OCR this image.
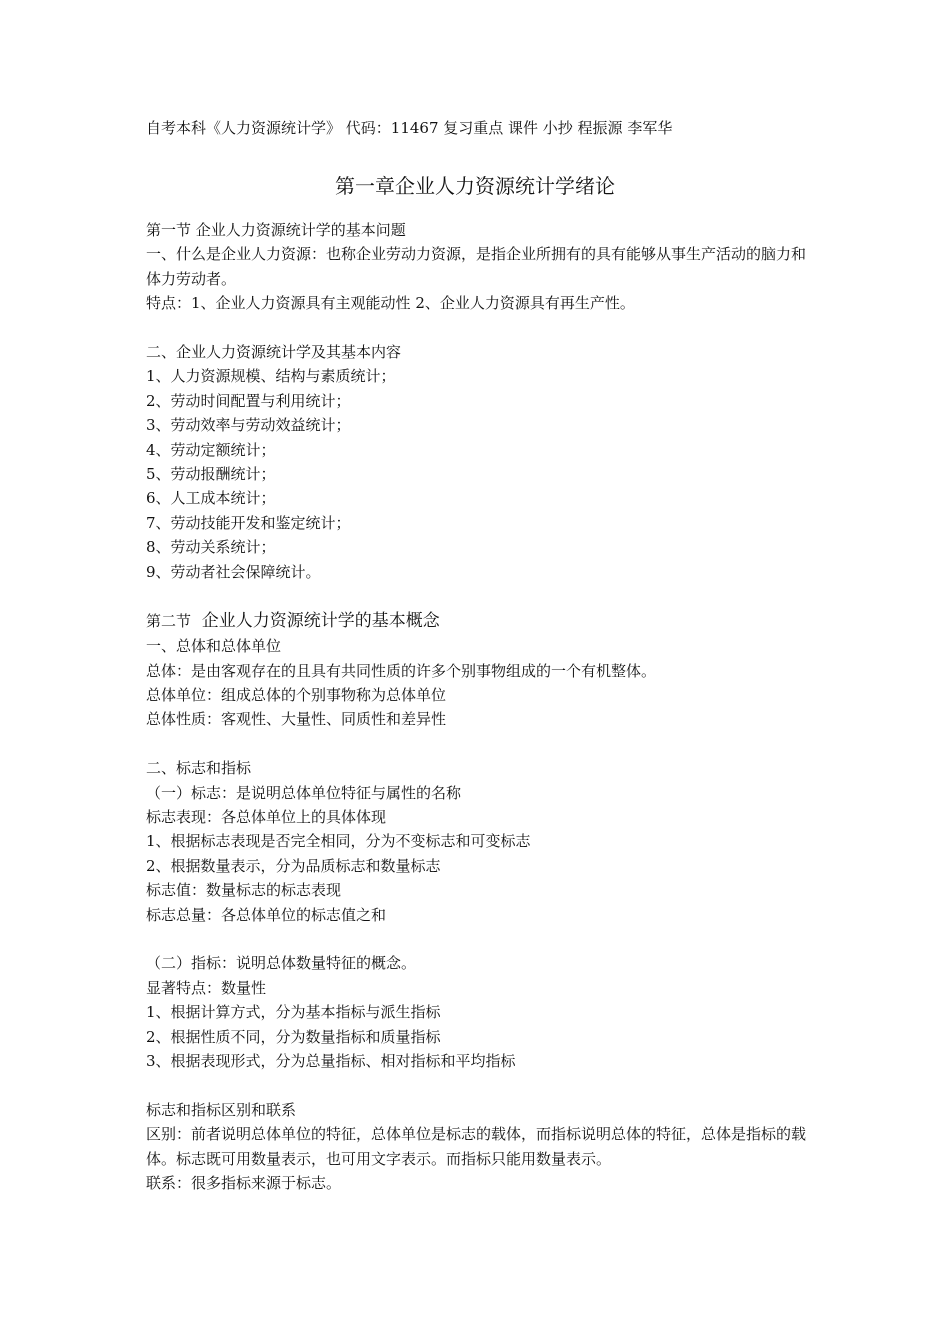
自考本科《人力资源统计学》 代码：11467 复习重点 课件 小抄 程振源 李军华
第一章企业人力资源统计学绪论
第一节 企业人力资源统计学的基本问题
一、什么是企业人力资源：也称企业劳动力资源，是指企业所拥有的具有能够从事生产活动的脑力和体力劳动者。
特点：1、企业人力资源具有主观能动性 2、企业人力资源具有再生产性。
二、企业人力资源统计学及其基本内容
1、人力资源规模、结构与素质统计；
2、劳动时间配置与利用统计；
3、劳动效率与劳动效益统计；
4、劳动定额统计；
5、劳动报酬统计；
6、人工成本统计；
7、劳动技能开发和鉴定统计；
8、劳动关系统计；
9、劳动者社会保障统计。
第二节 企业人力资源统计学的基本概念
一、总体和总体单位
总体：是由客观存在的且具有共同性质的许多个别事物组成的一个有机整体。
总体单位：组成总体的个别事物称为总体单位
总体性质：客观性、大量性、同质性和差异性
二、标志和指标
（一）标志：是说明总体单位特征与属性的名称
标志表现：各总体单位上的具体体现
1、根据标志表现是否完全相同，分为不变标志和可变标志
2、根据数量表示，分为品质标志和数量标志
标志值：数量标志的标志表现
标志总量：各总体单位的标志值之和
（二）指标：说明总体数量特征的概念。
显著特点：数量性
1、根据计算方式，分为基本指标与派生指标
2、根据性质不同，分为数量指标和质量指标
3、根据表现形式，分为总量指标、相对指标和平均指标
标志和指标区别和联系
区别：前者说明总体单位的特征，总体单位是标志的载体，而指标说明总体的特征，总体是指标的载体。标志既可用数量表示，也可用文字表示。而指标只能用数量表示。
联系：很多指标来源于标志。
